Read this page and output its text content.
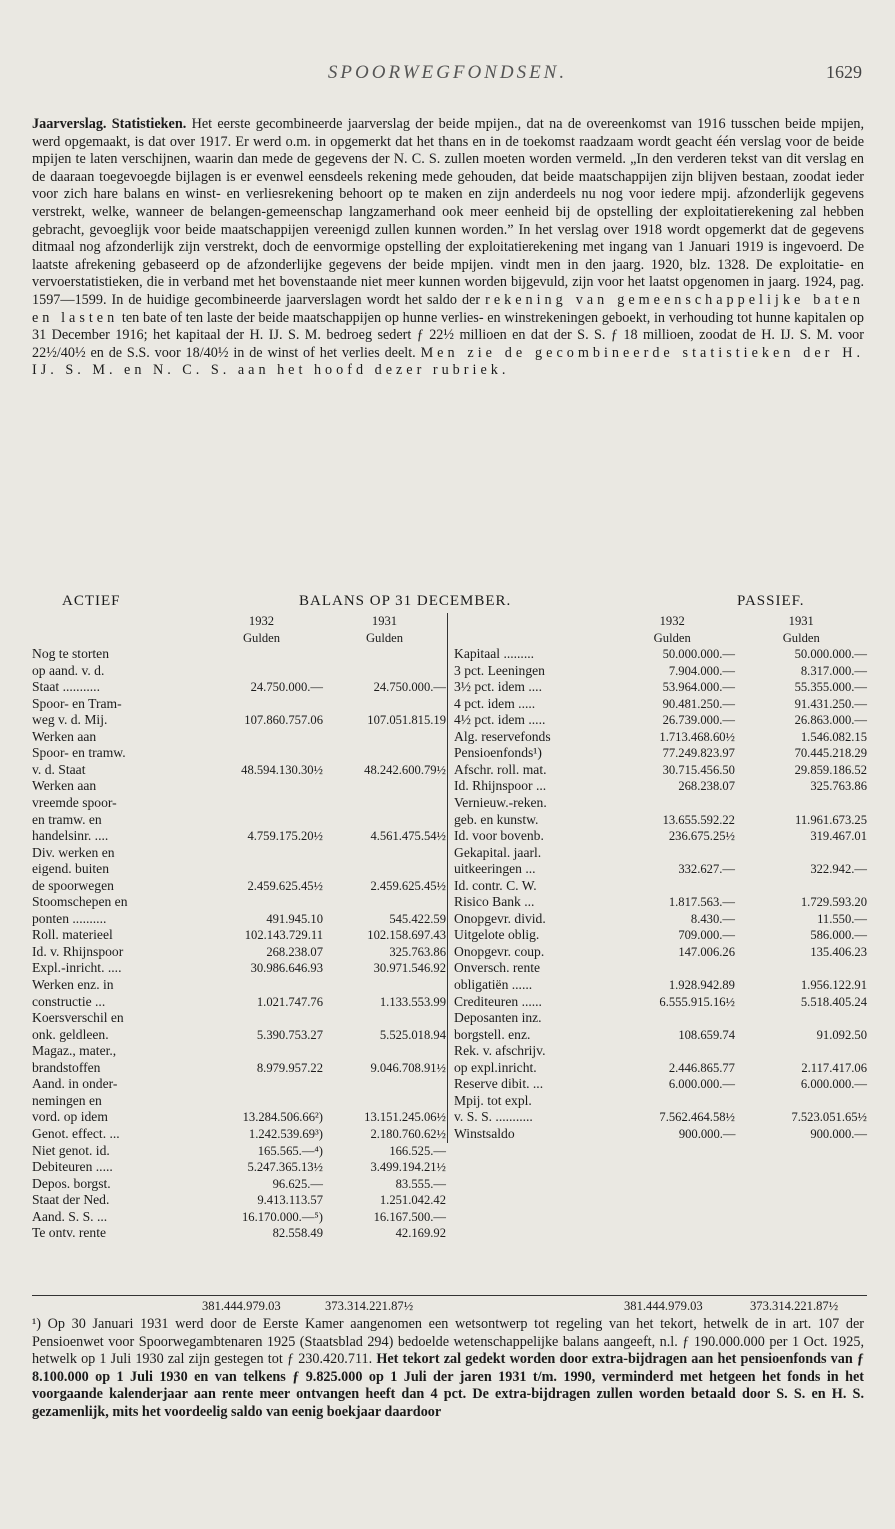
SPOORWEGFONDSEN.	1629

Jaarverslag. Statistieken. Het eerste gecombineerde jaarverslag der beide mpijen., dat na de overeenkomst van 1916 tusschen beide mpijen, werd opgemaakt, is dat over 1917. Er werd o.m. in opgemerkt dat het thans en in de toekomst raadzaam wordt geacht één verslag voor de beide mpijen te laten verschijnen, waarin dan mede de gegevens der N. C. S. zullen moeten worden vermeld. „In den verderen tekst van dit verslag en de daaraan toegevoegde bijlagen is er evenwel eensdeels rekening mede gehouden, dat beide maatschappijen zijn blijven bestaan, zoodat ieder voor zich hare balans en winst- en verliesrekening behoort op te maken en zijn anderdeels nu nog voor iedere mpij. afzonderlijk gegevens verstrekt, welke, wanneer de belangen-gemeenschap langzamerhand ook meer eenheid bij de opstelling der exploitatierekening zal hebben gebracht, gevoeglijk voor beide maatschappijen vereenigd zullen kunnen worden.” In het verslag over 1918 wordt opgemerkt dat de gegevens ditmaal nog afzonderlijk zijn verstrekt, doch de eenvormige opstelling der exploitatierekening met ingang van 1 Januari 1919 is ingevoerd. De laatste afrekening gebaseerd op de afzonderlijke gegevens der beide mpijen. vindt men in den jaarg. 1920, blz. 1328. De exploitatie- en vervoerstatistieken, die in verband met het bovenstaande niet meer kunnen worden bijgevuld, zijn voor het laatst opgenomen in jaarg. 1924, pag. 1597—1599. In de huidige gecombineerde jaarverslagen wordt het saldo der rekening van gemeenschappelijke baten en lasten ten bate of ten laste der beide maatschappijen op hunne verlies- en winstrekeningen geboekt, in verhouding tot hunne kapitalen op 31 December 1916; het kapitaal der H. IJ. S. M. bedroeg sedert ƒ 22½ millioen en dat der S. S. ƒ 18 millioen, zoodat de H. IJ. S. M. voor 22½/40½ en de S.S. voor 18/40½ in de winst of het verlies deelt. Men zie de gecombineerde statistieken der H. IJ. S. M. en N. C. S. aan het hoofd dezer rubriek.

ACTIEF	BALANS OP 31 DECEMBER.	PASSIEF.
	1932	1931
	Gulden	Gulden
Nog te storten		
op aand. v. d.		
Staat ...........	24.750.000.—	24.750.000.—
Spoor- en Tram-		
weg v. d. Mij.	107.860.757.06	107.051.815.19
Werken aan		
Spoor- en tramw.		
v. d. Staat	48.594.130.30½	48.242.600.79½
Werken aan		
vreemde spoor-		
en tramw. en		
handelsinr. ....	4.759.175.20½	4.561.475.54½
Div. werken en		
eigend. buiten		
de spoorwegen	2.459.625.45½	2.459.625.45½
Stoomschepen en		
ponten ..........	491.945.10	545.422.59
Roll. materieel	102.143.729.11	102.158.697.43
Id. v. Rhijnspoor	268.238.07	325.763.86
Expl.-inricht. ....	30.986.646.93	30.971.546.92
Werken enz. in		
constructie ...	1.021.747.76	1.133.553.99
Koersverschil en		
onk. geldleen.	5.390.753.27	5.525.018.94
Magaz., mater.,		
brandstoffen	8.979.957.22	9.046.708.91½
Aand. in onder-		
nemingen en		
vord. op idem	13.284.506.66²)	13.151.245.06½
Genot. effect. ...	1.242.539.69³)	2.180.760.62½
Niet genot. id.	165.565.—⁴)	166.525.—
Debiteuren .....	5.247.365.13½	3.499.194.21½
Depos. borgst.	96.625.—	83.555.—
Staat der Ned.	9.413.113.57	1.251.042.42
Aand. S. S. ...	16.170.000.—⁵)	16.167.500.—
Te ontv. rente	82.558.49	42.169.92
	1932	1931
	Gulden	Gulden
Kapitaal .........	50.000.000.—	50.000.000.—
3 pct. Leeningen	7.904.000.—	8.317.000.—
3½ pct. idem ....	53.964.000.—	55.355.000.—
4 pct. idem .....	90.481.250.—	91.431.250.—
4½ pct. idem .....	26.739.000.—	26.863.000.—
Alg. reservefonds	1.713.468.60½	1.546.082.15
Pensioenfonds¹)	77.249.823.97	70.445.218.29
Afschr. roll. mat.	30.715.456.50	29.859.186.52
Id. Rhijnspoor ...	268.238.07	325.763.86
Vernieuw.-reken.		
geb. en kunstw.	13.655.592.22	11.961.673.25
Id. voor bovenb.	236.675.25½	319.467.01
Gekapital. jaarl.		
uitkeeringen ...	332.627.—	322.942.—
Id. contr. C. W.		
Risico Bank ...	1.817.563.—	1.729.593.20
Onopgevr. divid.	8.430.—	11.550.—
Uitgelote oblig.	709.000.—	586.000.—
Onopgevr. coup.	147.006.26	135.406.23
Onversch. rente		
obligatiën ......	1.928.942.89	1.956.122.91
Crediteuren ......	6.555.915.16½	5.518.405.24
Deposanten inz.		
borgstell. enz.	108.659.74	91.092.50
Rek. v. afschrijv.		
op expl.inricht.	2.446.865.77	2.117.417.06
Reserve dibit. ...	6.000.000.—	6.000.000.—
Mpij. tot expl.		
v. S. S. ...........	7.562.464.58½	7.523.051.65½
Winstsaldo	900.000.—	900.000.—
381.444.979.03	373.314.221.87½	381.444.979.03	373.314.221.87½

¹) Op 30 Januari 1931 werd door de Eerste Kamer aangenomen een wetsontwerp tot regeling van het tekort, hetwelk de in art. 107 der Pensioenwet voor Spoorwegambtenaren 1925 (Staatsblad 294) bedoelde wetenschappelijke balans aangeeft, n.l. ƒ 190.000.000 per 1 Oct. 1925, hetwelk op 1 Juli 1930 zal zijn gestegen tot ƒ 230.420.711. Het tekort zal gedekt worden door extra-bijdragen aan het pensioenfonds van ƒ 8.100.000 op 1 Juli 1930 en van telkens ƒ 9.825.000 op 1 Juli der jaren 1931 t/m. 1990, verminderd met hetgeen het fonds in het voorgaande kalenderjaar aan rente meer ontvangen heeft dan 4 pct. De extra-bijdragen zullen worden betaald door S. S. en H. S. gezamenlijk, mits het voordeelig saldo van eenig boekjaar daardoor
